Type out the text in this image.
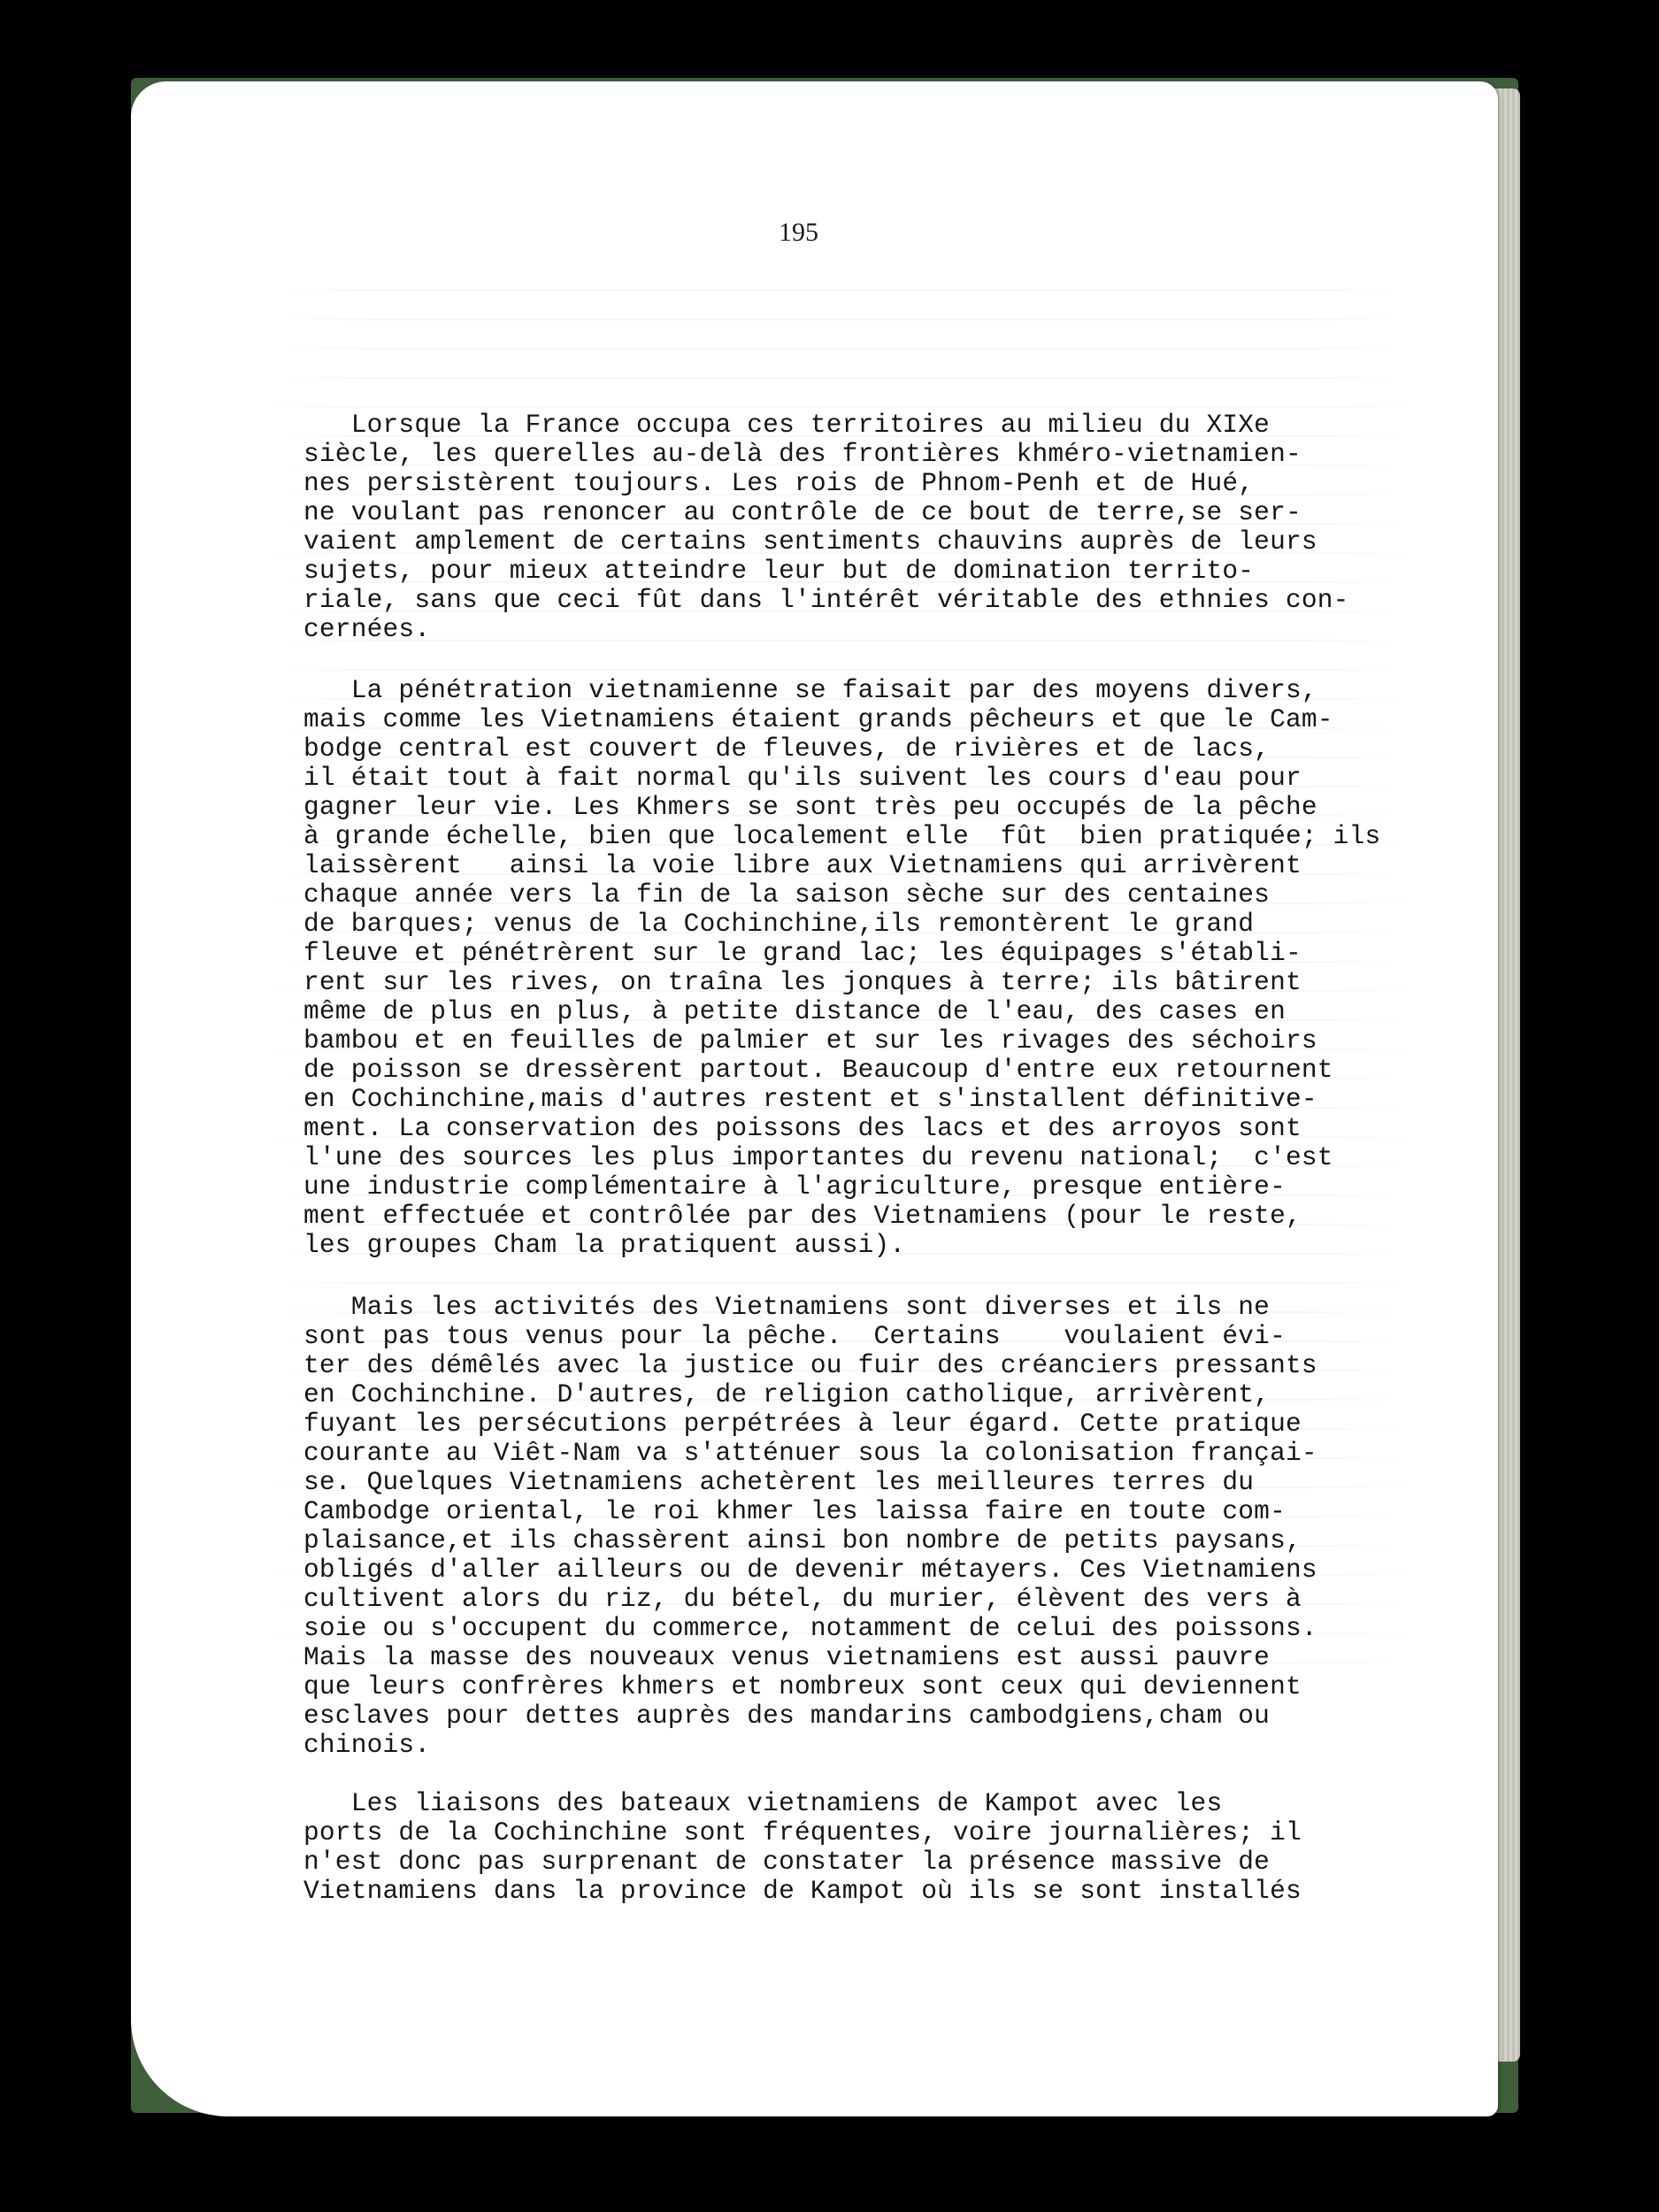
195
Lorsque la France occupa ces territoires au milieu du XIXe
siècle, les querelles au-delà des frontières khméro-vietnamien-
nes persistèrent toujours. Les rois de Phnom-Penh et de Hué,
ne voulant pas renoncer au contrôle de ce bout de terre,se ser-
vaient amplement de certains sentiments chauvins auprès de leurs
sujets, pour mieux atteindre leur but de domination territo-
riale, sans que ceci fût dans l'intérêt véritable des ethnies con-
cernées.
La pénétration vietnamienne se faisait par des moyens divers,
mais comme les Vietnamiens étaient grands pêcheurs et que le Cam-
bodge central est couvert de fleuves, de rivières et de lacs,
il était tout à fait normal qu'ils suivent les cours d'eau pour
gagner leur vie. Les Khmers se sont très peu occupés de la pêche
à grande échelle, bien que localement elle  fût  bien pratiquée; ils
laissèrent   ainsi la voie libre aux Vietnamiens qui arrivèrent
chaque année vers la fin de la saison sèche sur des centaines
de barques; venus de la Cochinchine,ils remontèrent le grand
fleuve et pénétrèrent sur le grand lac; les équipages s'établi-
rent sur les rives, on traîna les jonques à terre; ils bâtirent
même de plus en plus, à petite distance de l'eau, des cases en
bambou et en feuilles de palmier et sur les rivages des séchoirs
de poisson se dressèrent partout. Beaucoup d'entre eux retournent
en Cochinchine,mais d'autres restent et s'installent définitive-
ment. La conservation des poissons des lacs et des arroyos sont
l'une des sources les plus importantes du revenu national;  c'est
une industrie complémentaire à l'agriculture, presque entière-
ment effectuée et contrôlée par des Vietnamiens (pour le reste,
les groupes Cham la pratiquent aussi).
Mais les activités des Vietnamiens sont diverses et ils ne
sont pas tous venus pour la pêche.  Certains    voulaient évi-
ter des démêlés avec la justice ou fuir des créanciers pressants
en Cochinchine. D'autres, de religion catholique, arrivèrent,
fuyant les persécutions perpétrées à leur égard. Cette pratique
courante au Viêt-Nam va s'atténuer sous la colonisation françai-
se. Quelques Vietnamiens achetèrent les meilleures terres du
Cambodge oriental, le roi khmer les laissa faire en toute com-
plaisance,et ils chassèrent ainsi bon nombre de petits paysans,
obligés d'aller ailleurs ou de devenir métayers. Ces Vietnamiens
cultivent alors du riz, du bétel, du murier, élèvent des vers à
soie ou s'occupent du commerce, notamment de celui des poissons.
Mais la masse des nouveaux venus vietnamiens est aussi pauvre
que leurs confrères khmers et nombreux sont ceux qui deviennent
esclaves pour dettes auprès des mandarins cambodgiens,cham ou
chinois.
Les liaisons des bateaux vietnamiens de Kampot avec les
ports de la Cochinchine sont fréquentes, voire journalières; il
n'est donc pas surprenant de constater la présence massive de
Vietnamiens dans la province de Kampot où ils se sont installés
